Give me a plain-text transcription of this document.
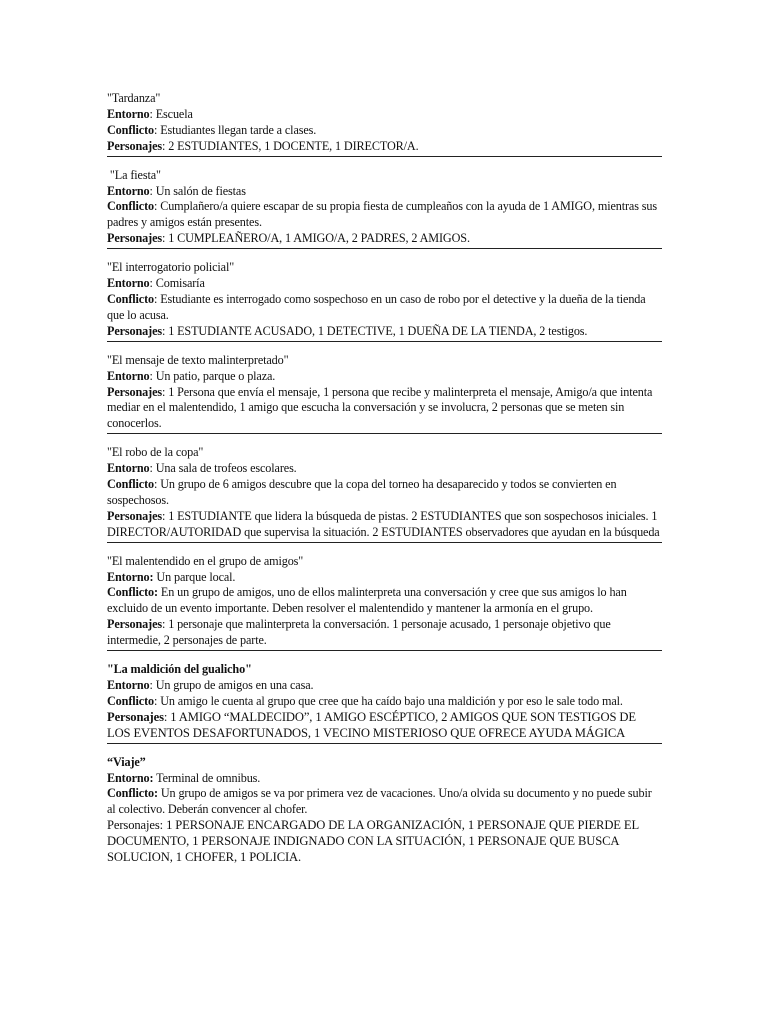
"Tardanza"
Entorno: Escuela
Conflicto: Estudiantes llegan tarde a clases.
Personajes: 2 ESTUDIANTES, 1 DOCENTE, 1 DIRECTOR/A.
"La fiesta"
Entorno: Un salón de fiestas
Conflicto: Cumplañero/a quiere escapar de su propia fiesta de cumpleaños con la ayuda de 1 AMIGO, mientras sus padres y amigos están presentes.
Personajes: 1 CUMPLEAÑERO/A, 1 AMIGO/A, 2 PADRES, 2 AMIGOS.
"El interrogatorio policial"
Entorno: Comisaría
Conflicto: Estudiante es interrogado como sospechoso en un caso de robo por el detective y la dueña de la tienda que lo acusa.
Personajes: 1 ESTUDIANTE ACUSADO, 1 DETECTIVE, 1 DUEÑA DE LA TIENDA, 2 testigos.
"El mensaje de texto malinterpretado"
Entorno: Un patio, parque o plaza.
Personajes: 1 Persona que envía el mensaje, 1 persona que recibe y malinterpreta el mensaje, Amigo/a que intenta mediar en el malentendido, 1 amigo que escucha la conversación y se involucra, 2 personas que se meten sin conocerlos.
"El robo de la copa"
Entorno: Una sala de trofeos escolares.
Conflicto: Un grupo de 6 amigos descubre que la copa del torneo ha desaparecido y todos se convierten en sospechosos.
Personajes: 1 ESTUDIANTE que lidera la búsqueda de pistas. 2 ESTUDIANTES que son sospechosos iniciales. 1 DIRECTOR/AUTORIDAD que supervisa la situación. 2 ESTUDIANTES observadores que ayudan en la búsqueda
"El malentendido en el grupo de amigos"
Entorno: Un parque local.
Conflicto: En un grupo de amigos, uno de ellos malinterpreta una conversación y cree que sus amigos lo han excluido de un evento importante. Deben resolver el malentendido y mantener la armonía en el grupo.
Personajes: 1 personaje que malinterpreta la conversación. 1 personaje acusado, 1 personaje objetivo que intermedie, 2 personajes de parte.
"La maldición del gualicho"
Entorno: Un grupo de amigos en una casa.
Conflicto: Un amigo le cuenta al grupo que cree que ha caído bajo una maldición y por eso le sale todo mal.
Personajes: 1 AMIGO “MALDECIDO”, 1 AMIGO ESCÉPTICO, 2 AMIGOS QUE SON TESTIGOS DE LOS EVENTOS DESAFORTUNADOS, 1 VECINO MISTERIOSO QUE OFRECE AYUDA MÁGICA
“Viaje”
Entorno: Terminal de omnibus.
Conflicto: Un grupo de amigos se va por primera vez de vacaciones. Uno/a olvida su documento y no puede subir al colectivo. Deberán convencer al chofer.
Personajes: 1 PERSONAJE ENCARGADO DE LA ORGANIZACIÓN, 1 PERSONAJE QUE PIERDE EL DOCUMENTO, 1 PERSONAJE INDIGNADO CON LA SITUACIÓN, 1 PERSONAJE QUE BUSCA SOLUCION, 1 CHOFER, 1 POLICIA.
